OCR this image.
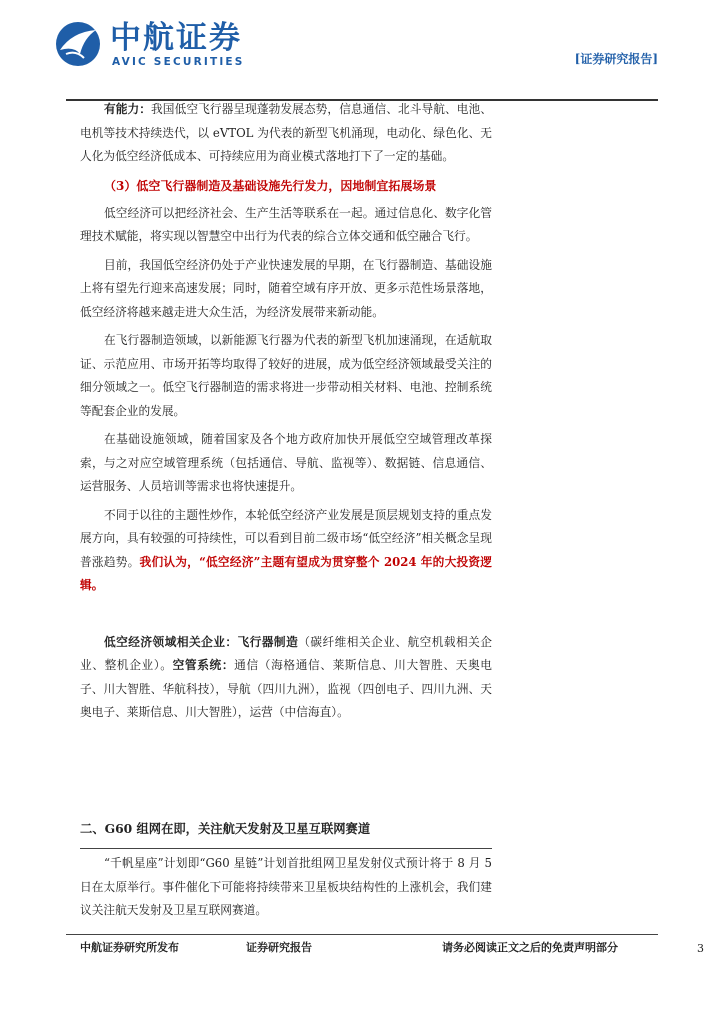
中航证券
AVIC SECURITIES	[证券研究报告]

有能力：我国低空飞行器呈现蓬勃发展态势，信息通信、北斗导航、电池、电机等技术持续迭代，以 eVTOL 为代表的新型飞机涌现，电动化、绿色化、无人化为低空经济低成本、可持续应用为商业模式落地打下了一定的基础。

（3）低空飞行器制造及基础设施先行发力，因地制宜拓展场景

低空经济可以把经济社会、生产生活等联系在一起。通过信息化、数字化管理技术赋能，将实现以智慧空中出行为代表的综合立体交通和低空融合飞行。

目前，我国低空经济仍处于产业快速发展的早期，在飞行器制造、基础设施上将有望先行迎来高速发展；同时，随着空域有序开放、更多示范性场景落地，低空经济将越来越走进大众生活，为经济发展带来新动能。

在飞行器制造领域，以新能源飞行器为代表的新型飞机加速涌现，在适航取证、示范应用、市场开拓等均取得了较好的进展，成为低空经济领域最受关注的细分领域之一。低空飞行器制造的需求将进一步带动相关材料、电池、控制系统等配套企业的发展。

在基础设施领域，随着国家及各个地方政府加快开展低空空域管理改革探索，与之对应空域管理系统（包括通信、导航、监视等）、数据链、信息通信、运营服务、人员培训等需求也将快速提升。

不同于以往的主题性炒作，本轮低空经济产业发展是顶层规划支持的重点发展方向，具有较强的可持续性，可以看到目前二级市场“低空经济”相关概念呈现普涨趋势。我们认为，“低空经济”主题有望成为贯穿整个 2024 年的大投资逻辑。

低空经济领域相关企业：飞行器制造（碳纤维相关企业、航空机载相关企业、整机企业）。空管系统：通信（海格通信、莱斯信息、川大智胜、天奥电子、川大智胜、华航科技），导航（四川九洲），监视（四创电子、四川九洲、天奥电子、莱斯信息、川大智胜），运营（中信海直）。

二、G60 组网在即，关注航天发射及卫星互联网赛道

“千帆星座”计划即“G60 星链”计划首批组网卫星发射仪式预计将于 8 月 5 日在太原举行。事件催化下可能将持续带来卫星板块结构性的上涨机会，我们建议关注航天发射及卫星互联网赛道。

中航证券研究所发布	证券研究报告	请务必阅读正文之后的免责声明部分	3
